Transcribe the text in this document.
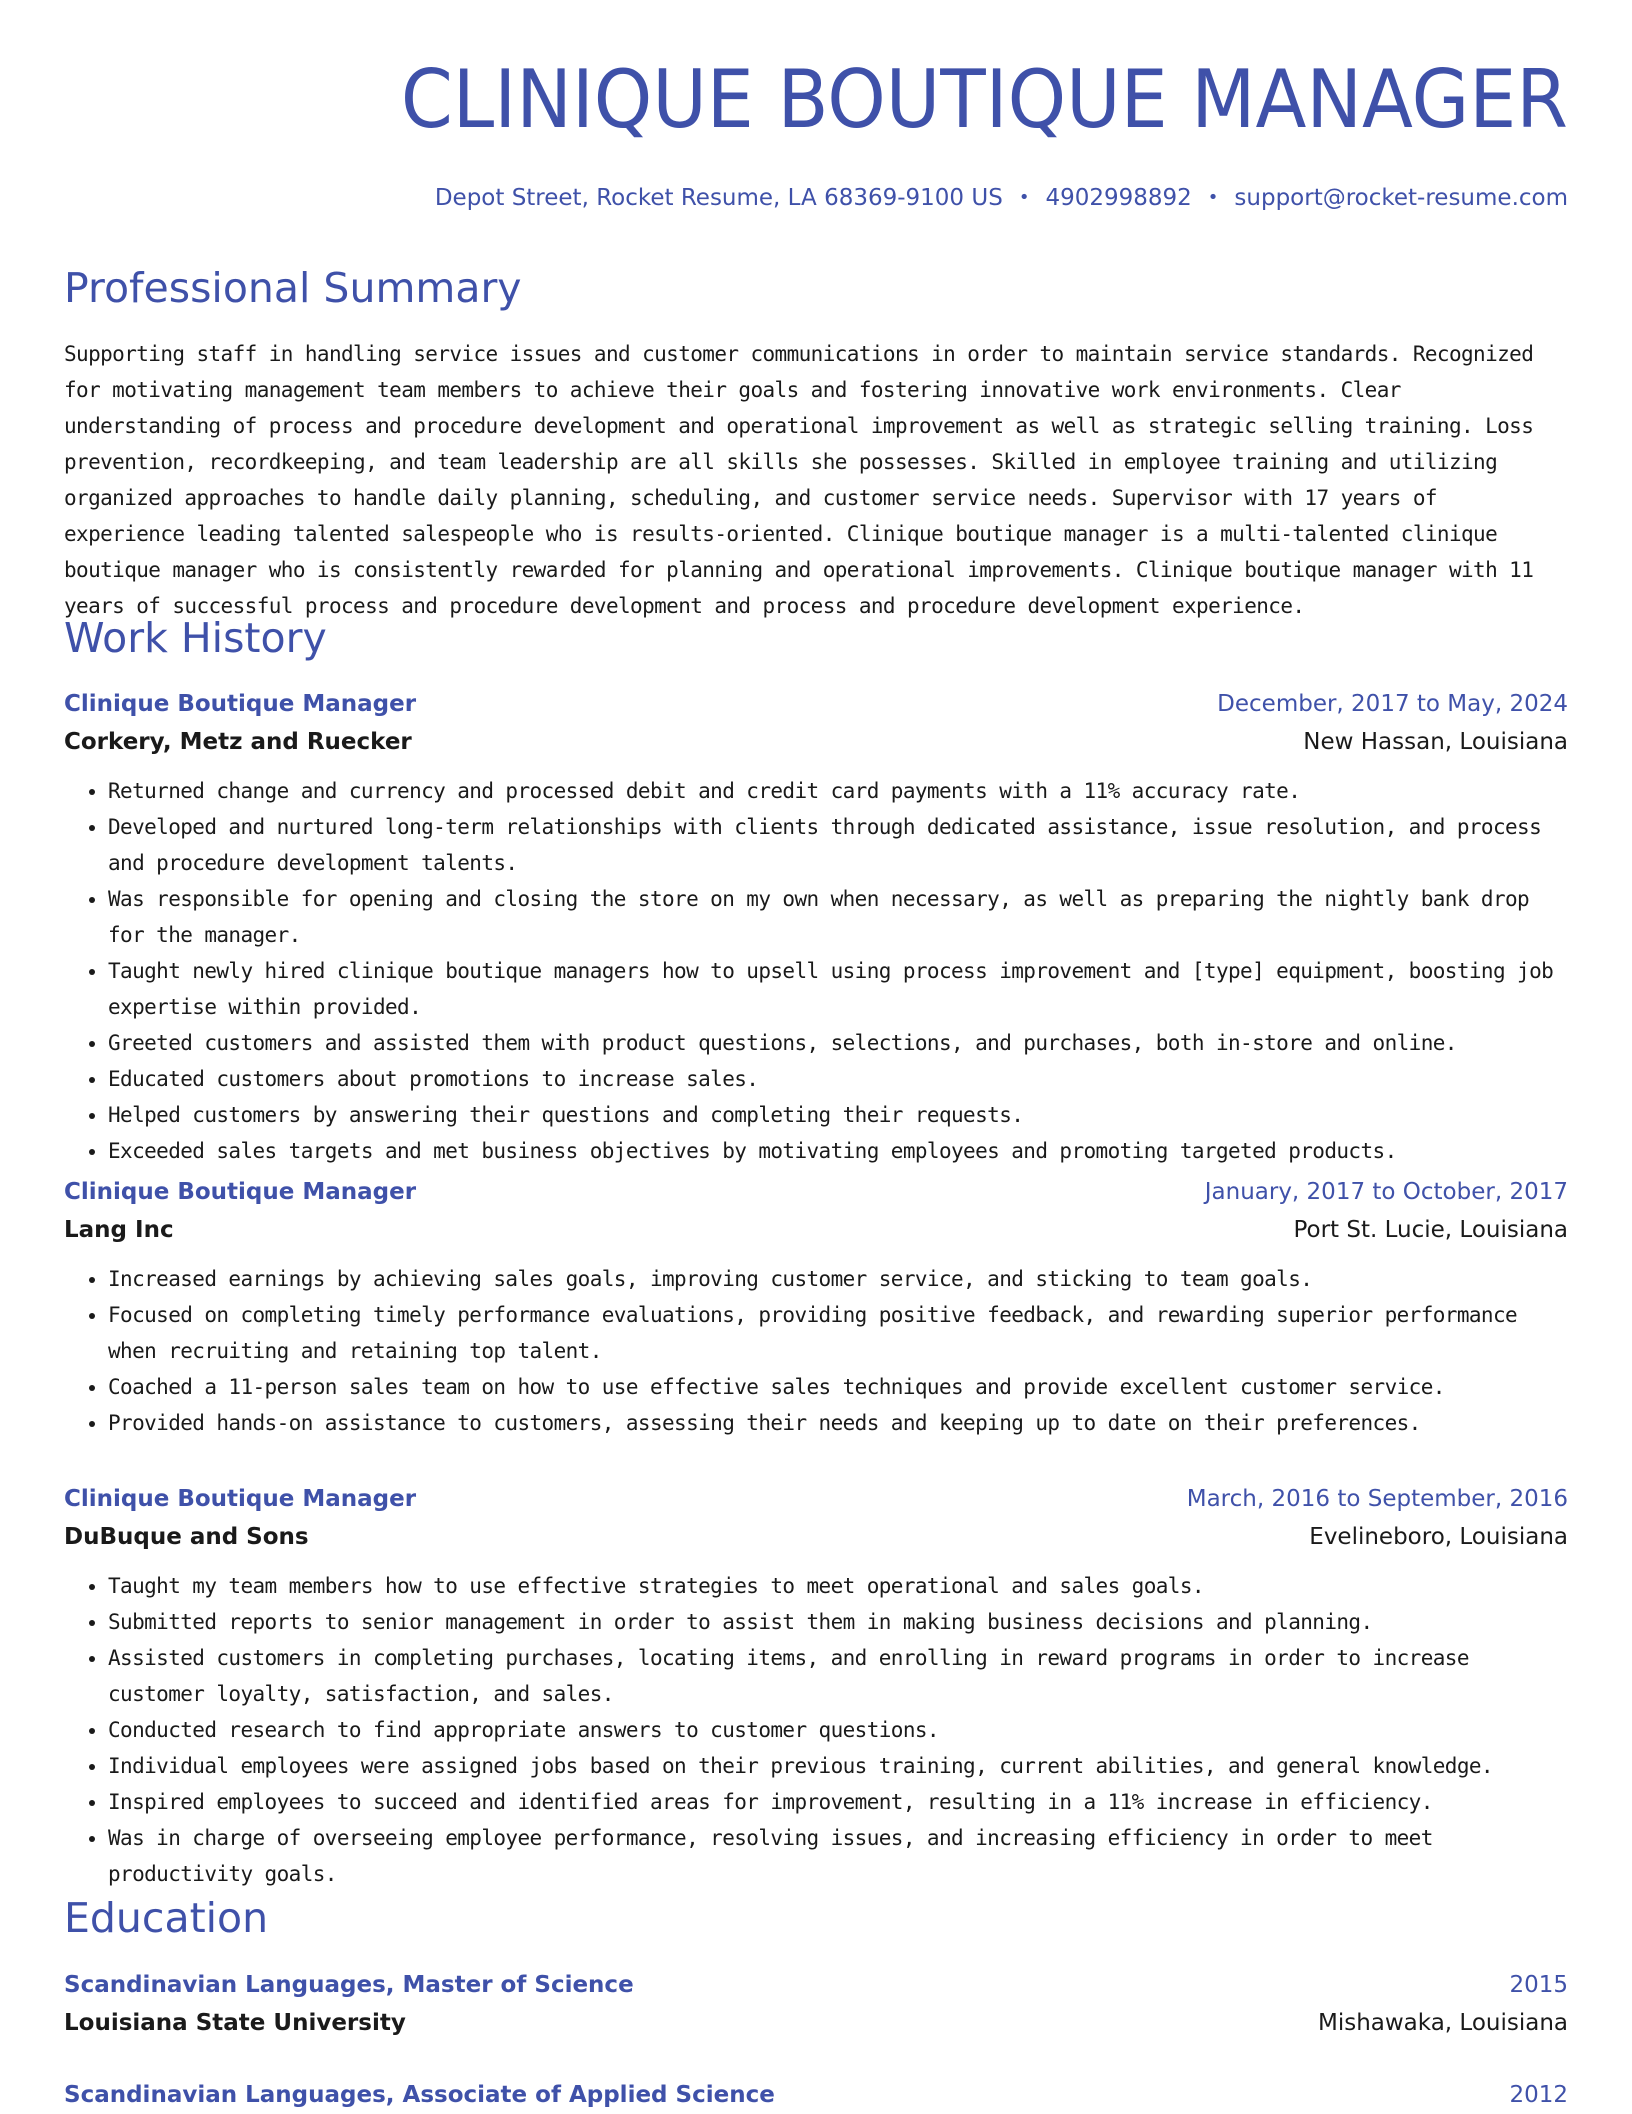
CLINIQUE BOUTIQUE MANAGER
Depot Street, Rocket Resume, LA 68369-9100 US • 4902998892 • support@rocket-resume.com
Professional Summary

Supporting staff in handling service issues and customer communications in order to maintain service standards. Recognized for motivating management team members to achieve their goals and fostering innovative work environments. Clear understanding of process and procedure development and operational improvement as well as strategic selling training. Loss prevention, recordkeeping, and team leadership are all skills she possesses. Skilled in employee training and utilizing organized approaches to handle daily planning, scheduling, and customer service needs. Supervisor with 17 years of experience leading talented salespeople who is results-oriented. Clinique boutique manager is a multi-talented clinique boutique manager who is consistently rewarded for planning and operational improvements. Clinique boutique manager with 11 years of successful process and procedure development and process and procedure development experience.

Work History
Clinique Boutique Manager	December, 2017 to May, 2024
Corkery, Metz and Ruecker	New Hassan, Louisiana
• Returned change and currency and processed debit and credit card payments with a 11% accuracy rate.
• Developed and nurtured long-term relationships with clients through dedicated assistance, issue resolution, and process and procedure development talents.
• Was responsible for opening and closing the store on my own when necessary, as well as preparing the nightly bank drop for the manager.
• Taught newly hired clinique boutique managers how to upsell using process improvement and [type] equipment, boosting job expertise within provided.
• Greeted customers and assisted them with product questions, selections, and purchases, both in-store and online.
• Educated customers about promotions to increase sales.
• Helped customers by answering their questions and completing their requests.
• Exceeded sales targets and met business objectives by motivating employees and promoting targeted products.
Clinique Boutique Manager	January, 2017 to October, 2017
Lang Inc	Port St. Lucie, Louisiana
• Increased earnings by achieving sales goals, improving customer service, and sticking to team goals.
• Focused on completing timely performance evaluations, providing positive feedback, and rewarding superior performance when recruiting and retaining top talent.
• Coached a 11-person sales team on how to use effective sales techniques and provide excellent customer service.
• Provided hands-on assistance to customers, assessing their needs and keeping up to date on their preferences.
Clinique Boutique Manager	March, 2016 to September, 2016
DuBuque and Sons	Evelineboro, Louisiana
• Taught my team members how to use effective strategies to meet operational and sales goals.
• Submitted reports to senior management in order to assist them in making business decisions and planning.
• Assisted customers in completing purchases, locating items, and enrolling in reward programs in order to increase customer loyalty, satisfaction, and sales.
• Conducted research to find appropriate answers to customer questions.
• Individual employees were assigned jobs based on their previous training, current abilities, and general knowledge.
• Inspired employees to succeed and identified areas for improvement, resulting in a 11% increase in efficiency.
• Was in charge of overseeing employee performance, resolving issues, and increasing efficiency in order to meet productivity goals.
Education
Scandinavian Languages, Master of Science	2015
Louisiana State University	Mishawaka, Louisiana
Scandinavian Languages, Associate of Applied Science	2012
